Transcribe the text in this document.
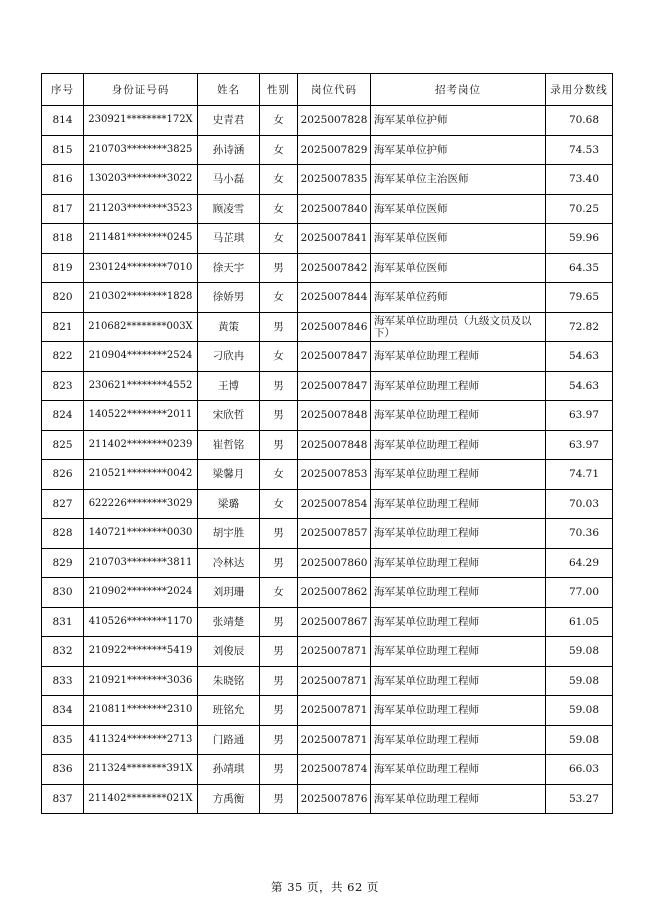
序号	身份证号码	姓名	性别	岗位代码	招考岗位	录用分数线
814	230921********172X	史青君	女	2025007828	海军某单位护师	70.68
815	210703********3825	孙诗涵	女	2025007829	海军某单位护师	74.53
816	130203********3022	马小磊	女	2025007835	海军某单位主治医师	73.40
817	211203********3523	顾凌雪	女	2025007840	海军某单位医师	70.25
818	211481********0245	马芷琪	女	2025007841	海军某单位医师	59.96
819	230124********7010	徐天宇	男	2025007842	海军某单位医师	64.35
820	210302********1828	徐娇男	女	2025007844	海军某单位药师	79.65
821	210682********003X	黄策	男	2025007846	海军某单位助理员（九级文员及以下）	72.82
822	210904********2524	刁欣冉	女	2025007847	海军某单位助理工程师	54.63
823	230621********4552	王博	男	2025007847	海军某单位助理工程师	54.63
824	140522********2011	宋欣哲	男	2025007848	海军某单位助理工程师	63.97
825	211402********0239	崔哲铭	男	2025007848	海军某单位助理工程师	63.97
826	210521********0042	梁馨月	女	2025007853	海军某单位助理工程师	74.71
827	622226********3029	梁璐	女	2025007854	海军某单位助理工程师	70.03
828	140721********0030	胡宇胜	男	2025007857	海军某单位助理工程师	70.36
829	210703********3811	冷林达	男	2025007860	海军某单位助理工程师	64.29
830	210902********2024	刘玥珊	女	2025007862	海军某单位助理工程师	77.00
831	410526********1170	张靖楚	男	2025007867	海军某单位助理工程师	61.05
832	210922********5419	刘俊辰	男	2025007871	海军某单位助理工程师	59.08
833	210921********3036	朱晓铭	男	2025007871	海军某单位助理工程师	59.08
834	210811********2310	班铭允	男	2025007871	海军某单位助理工程师	59.08
835	411324********2713	门路通	男	2025007871	海军某单位助理工程师	59.08
836	211324********391X	孙靖琪	男	2025007874	海军某单位助理工程师	66.03
837	211402********021X	方禹衡	男	2025007876	海军某单位助理工程师	53.27
第 35 页，共 62 页
